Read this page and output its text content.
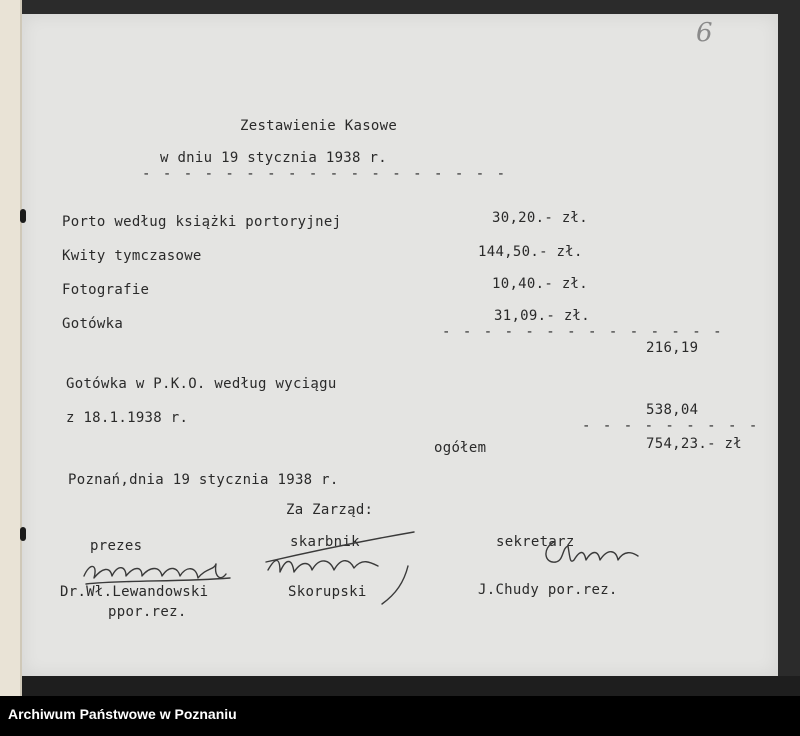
6
Zestawienie Kasowe
w dniu 19 stycznia 1938 r.
- - - - - - - - - - - - - - - - - -
Porto według książki portoryjnej	30,20.- zł.
Kwity tymczasowe	144,50.- zł.
Fotografie	10,40.- zł.
Gotówka	31,09.- zł.
- - - - - - - - - - - - - -
216,19
Gotówka w P.K.O. według wyciągu
z 18.1.1938 r.	538,04
- - - - - - - - -
ogółem	754,23.- zł
Poznań,dnia 19 stycznia 1938 r.
Za Zarząd:
prezes	skarbnik	sekretarz
Dr.Wł.Lewandowski
ppor.rez.
Skorupski	J.Chudy por.rez.
Archiwum Państwowe w Poznaniu
